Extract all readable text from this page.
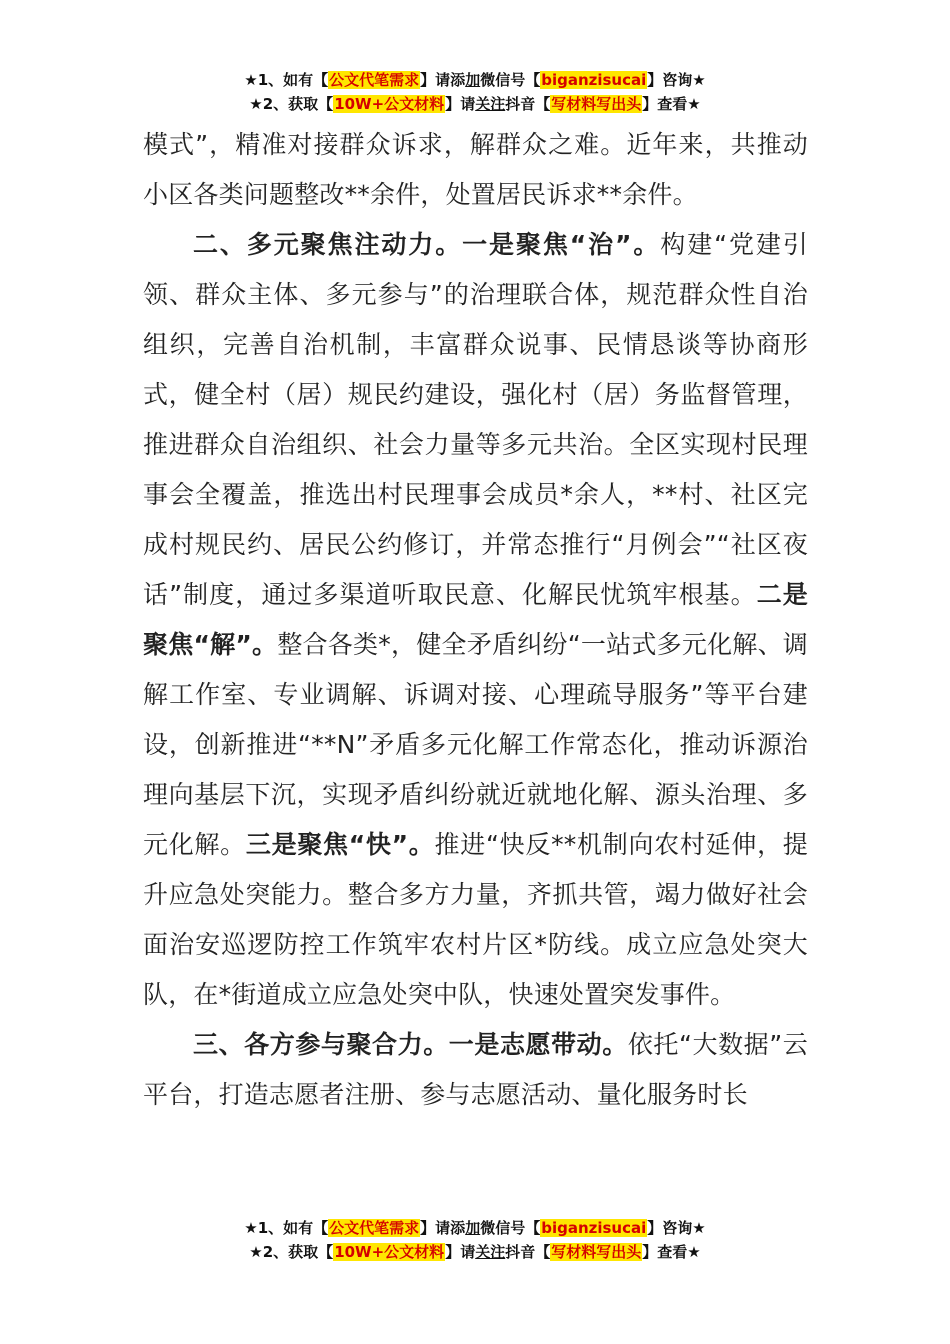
★1、如有【公文代笔需求】请添加微信号【biganzisucai】咨询★
★2、获取【10W+公文材料】请关注抖音【写材料写出头】查看★

模式”，精准对接群众诉求，解群众之难。近年来，共推动小区各类问题整改**余件，处置居民诉求**余件。

二、多元聚焦注动力。一是聚焦“治”。构建“党建引领、群众主体、多元参与”的治理联合体，规范群众性自治组织，完善自治机制，丰富群众说事、民情恳谈等协商形式，健全村（居）规民约建设，强化村（居）务监督管理，推进群众自治组织、社会力量等多元共治。全区实现村民理事会全覆盖，推选出村民理事会成员*余人，**村、社区完成村规民约、居民公约修订，并常态推行“月例会”“社区夜话”制度，通过多渠道听取民意、化解民忧筑牢根基。二是聚焦“解”。整合各类*，健全矛盾纠纷“一站式多元化解、调解工作室、专业调解、诉调对接、心理疏导服务”等平台建设，创新推进“**N”矛盾多元化解工作常态化，推动诉源治理向基层下沉，实现矛盾纠纷就近就地化解、源头治理、多元化解。三是聚焦“快”。推进“快反**机制向农村延伸，提升应急处突能力。整合多方力量，齐抓共管，竭力做好社会面治安巡逻防控工作筑牢农村片区*防线。成立应急处突大队，在*街道成立应急处突中队，快速处置突发事件。

三、各方参与聚合力。一是志愿带动。依托“大数据”云平台，打造志愿者注册、参与志愿活动、量化服务时长

★1、如有【公文代笔需求】请添加微信号【biganzisucai】咨询★
★2、获取【10W+公文材料】请关注抖音【写材料写出头】查看★
